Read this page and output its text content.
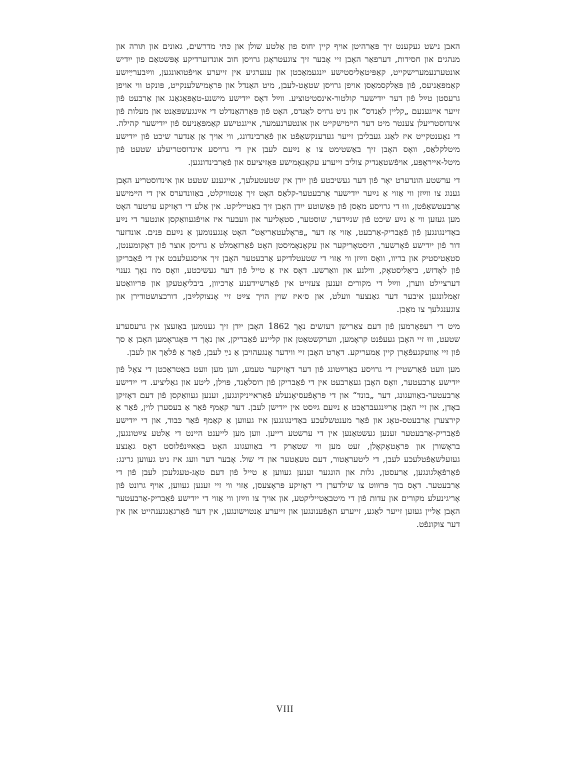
האבן נישט געקענט זיך פּאַרהיטן אויף קיין יחוס פון אַלטע שולן און כּתּי מדרשים, גאונים און תּורה און מנהגים און חסידות, דערפאַר האָבן זיי אָבער זיך צוגעטראָגן גרויסן חוב אונדזערדיקע אָפּשטאַם פון ייִדיש אונטערנעמערישקייט, קאַפּיטאַליסטישע ייִנגעמאַכטן און ענערגיע אין זייערע אויפֿטואונגען, ווײַבערײַיִשע קאַמפּאַניעס, פֿון פּאַלקסמאַסן אויפן גרויסן שטאָט-לעבן, מיט האַנדל און פּראָמישלענקײט, פּונקט ווי אויפן גרעסטן טײַל פֿון דער ייִדישער קולטור-אינסטיטוציע. ווײַל דאָס ייִדישע מישנע-טאָפּאַגאַנג און אַרבעט פֿון זייער אייגענעם „קליין לאַנדס“ און ניט גרויס לאַנדס, האָט פֿון פּאַרהאַנדלט די אײַנגעשפּאַנט און מעלות פֿון אינדוסטריעלן צענטר מיט דער הײמישקייט און אונטערנעמער, אייגנטישע קאַמפּאַניעס פֿון ייִדישער קהילה. די נאָענטקייט איז לאַנג געבליבן זייער געדענקשאַפֿט און פֿאַרבינדונג, ווי אויך אַן אַנדער שיכט פֿון ייִדישע מיטלקלאַס, וואָס האָבן זיך באַשטימט צו אַ נײַעם לעבן אין די גרויסע אינדוסטריעלע שטעט פֿון מיטל-אייראָפּע, אויפֿשטאַנדיק צוליב זייערע עקאָנאָמישע פּאָזיציעס און פֿאַרבינדונגען.

די ערשטע הונדערט יאָר פֿון דער געשיכטע פֿון ייִדן אין שטעטעלעך, אייגענע שטעט און אינדוסטריע האָבן גענוג צו ווײַזן ווי אַזוי אַ נײַער ייִדישער אַרבעטער-קלאַס האָט זיך אַנטוויקלט, באַזונדערס אין די הײמישע אַרבעטשאַפֿטן, וווּ די גרויסע מאַסן פֿון פּאַשוטע ייִדן האָבן זיך באַטייליקט. אין אַלע די דאָזיקע ערטער האָט מען געזען ווי אַ נײַע שיכט פֿון שנײַדער, שוסטער, סטאָליער און וועבער איז אויפֿגעוואַקסן אונטער די נײַע באַדינגונגען פֿון פֿאַבריק-אַרבעט, אַזוי אַז דער „פּראָלעטאַריאַט“ האָט אָנגענומען אַ נײַעם פּנים. אונדזער דור פֿון ייִדישע פֿאָרשער, היסטאָריקער און עקאָנאָמיסטן האָט פֿאַרזאַמלט אַ גרויסן אוצר פֿון דאָקומענטן, סטאַטיסטיק און בריוו, וואָס ווײַזן ווי אַזוי די שטעטלדיקע אַרבעטער האָבן זיך אויסגעלעבט אין די פֿאַבריקן פֿון לאָדזש, ביאַליסטאָק, ווילנע און וואַרשע. דאָס איז אַ טייל פֿון דער געשיכטע, וואָס מוז נאָך גענוי דערציילט ווערן, ווײַל די מקורים זענען צעזייט אין פֿאַרשיידענע אַרכיוון, ביבליאָטעקן און פּריוואַטע זאַמלונגען איבער דער גאַנצער וועלט, און ס׳איז שוין הויך צײַט זיי אָנצוקלײַבן, דורכצושטודירן און צוגענגלעך צו מאַכן.

מיט די רעפאָרמען פֿון דעם צאַרישן רעזשים נאָך 1862 האָבן ייִדן זיך גענומען באַזעצן אין גרעסערע שטעט, וווּ זיי האָבן געעפֿנט קראָמען, ווערקשטאַטן און קליינע פֿאַבריקן, און נאָך די פּאָגראָמען האָבן אַ סך פֿון זיי אַוועקגעפֿאָרן קיין אַמעריקע. דאָרט האָבן זיי ווידער אָנגעהויבן אַ נײַ לעבן, פֿאַר אַ פֿלאַך און לעבן.

מען וועט פֿאַרשטיין די גרויסע באַדײַטונג פֿון דער דאָזיקער טעמע, ווען מען וועט באַטראַכטן די צאָל פֿון ייִדישע אַרבעטער, וואָס האָבן געאַרבעט אין די פֿאַבריקן פֿון רוסלאַנד, פּוילן, ליטע און גאַליציע. די ייִדישע אַרבעטער-באַוועגונג, דער „בונד“ און די פּראָפֿעסיאָנעלע פֿאַראייניקונגען, זענען געוואַקסן פֿון דעם דאָזיקן באָדן, און זיי האָבן אַרײַנגעבראַכט אַ נײַעם גײַסט אין ייִדישן לעבן. דער קאַמף פֿאַר אַ בעסערן לוין, פֿאַר אַ קירצערן אַרבעטס-טאָג און פֿאַר מענטשלעכע באַדינגונגען איז געווען אַ קאַמף פֿאַר כּבוד, און די ייִדישע פֿאַבריק-אַרבעטער זענען געשטאַנען אין די ערשטע רייען. ווען מען לייענט היינט די אַלטע צײַטונגען, בראָשורן און פּראָטאָקאָלן, זעט מען ווי שטאַרק די באַוועגונג האָט באַאײַנפֿלוסט דאָס גאַנצע געזעלשאַפֿטלעכע לעבן, די ליטעראַטור, דעם טעאַטער און די שול. אָבער דער וועג איז ניט געווען גרינג: פֿאַרפֿאָלגונגען, אַרעסטן, גלות און הונגער זענען געווען אַ טייל פֿון דעם טאָג-טעגלעכן לעבן פֿון די אַרבעטער. דאָס בוך פּרוּווט צו שילדערן די דאָזיקע פּראָצעסן, אַזוי ווי זיי זענען געווען, אויף גרונט פֿון אָריגינעלע מקורים און עדות פֿון די מיטבאַטייליקטע, און אויך צו ווײַזן ווי אַזוי די ייִדישע פֿאַבריק-אַרבעטער האָבן אַליין געזען זייער לאַגע, זייערע האָפֿענונגען און זייערע אַנטוישונגען, אין דער פֿאַרגאַנגענהייט און אין דער צוקונפֿט.

VIII
